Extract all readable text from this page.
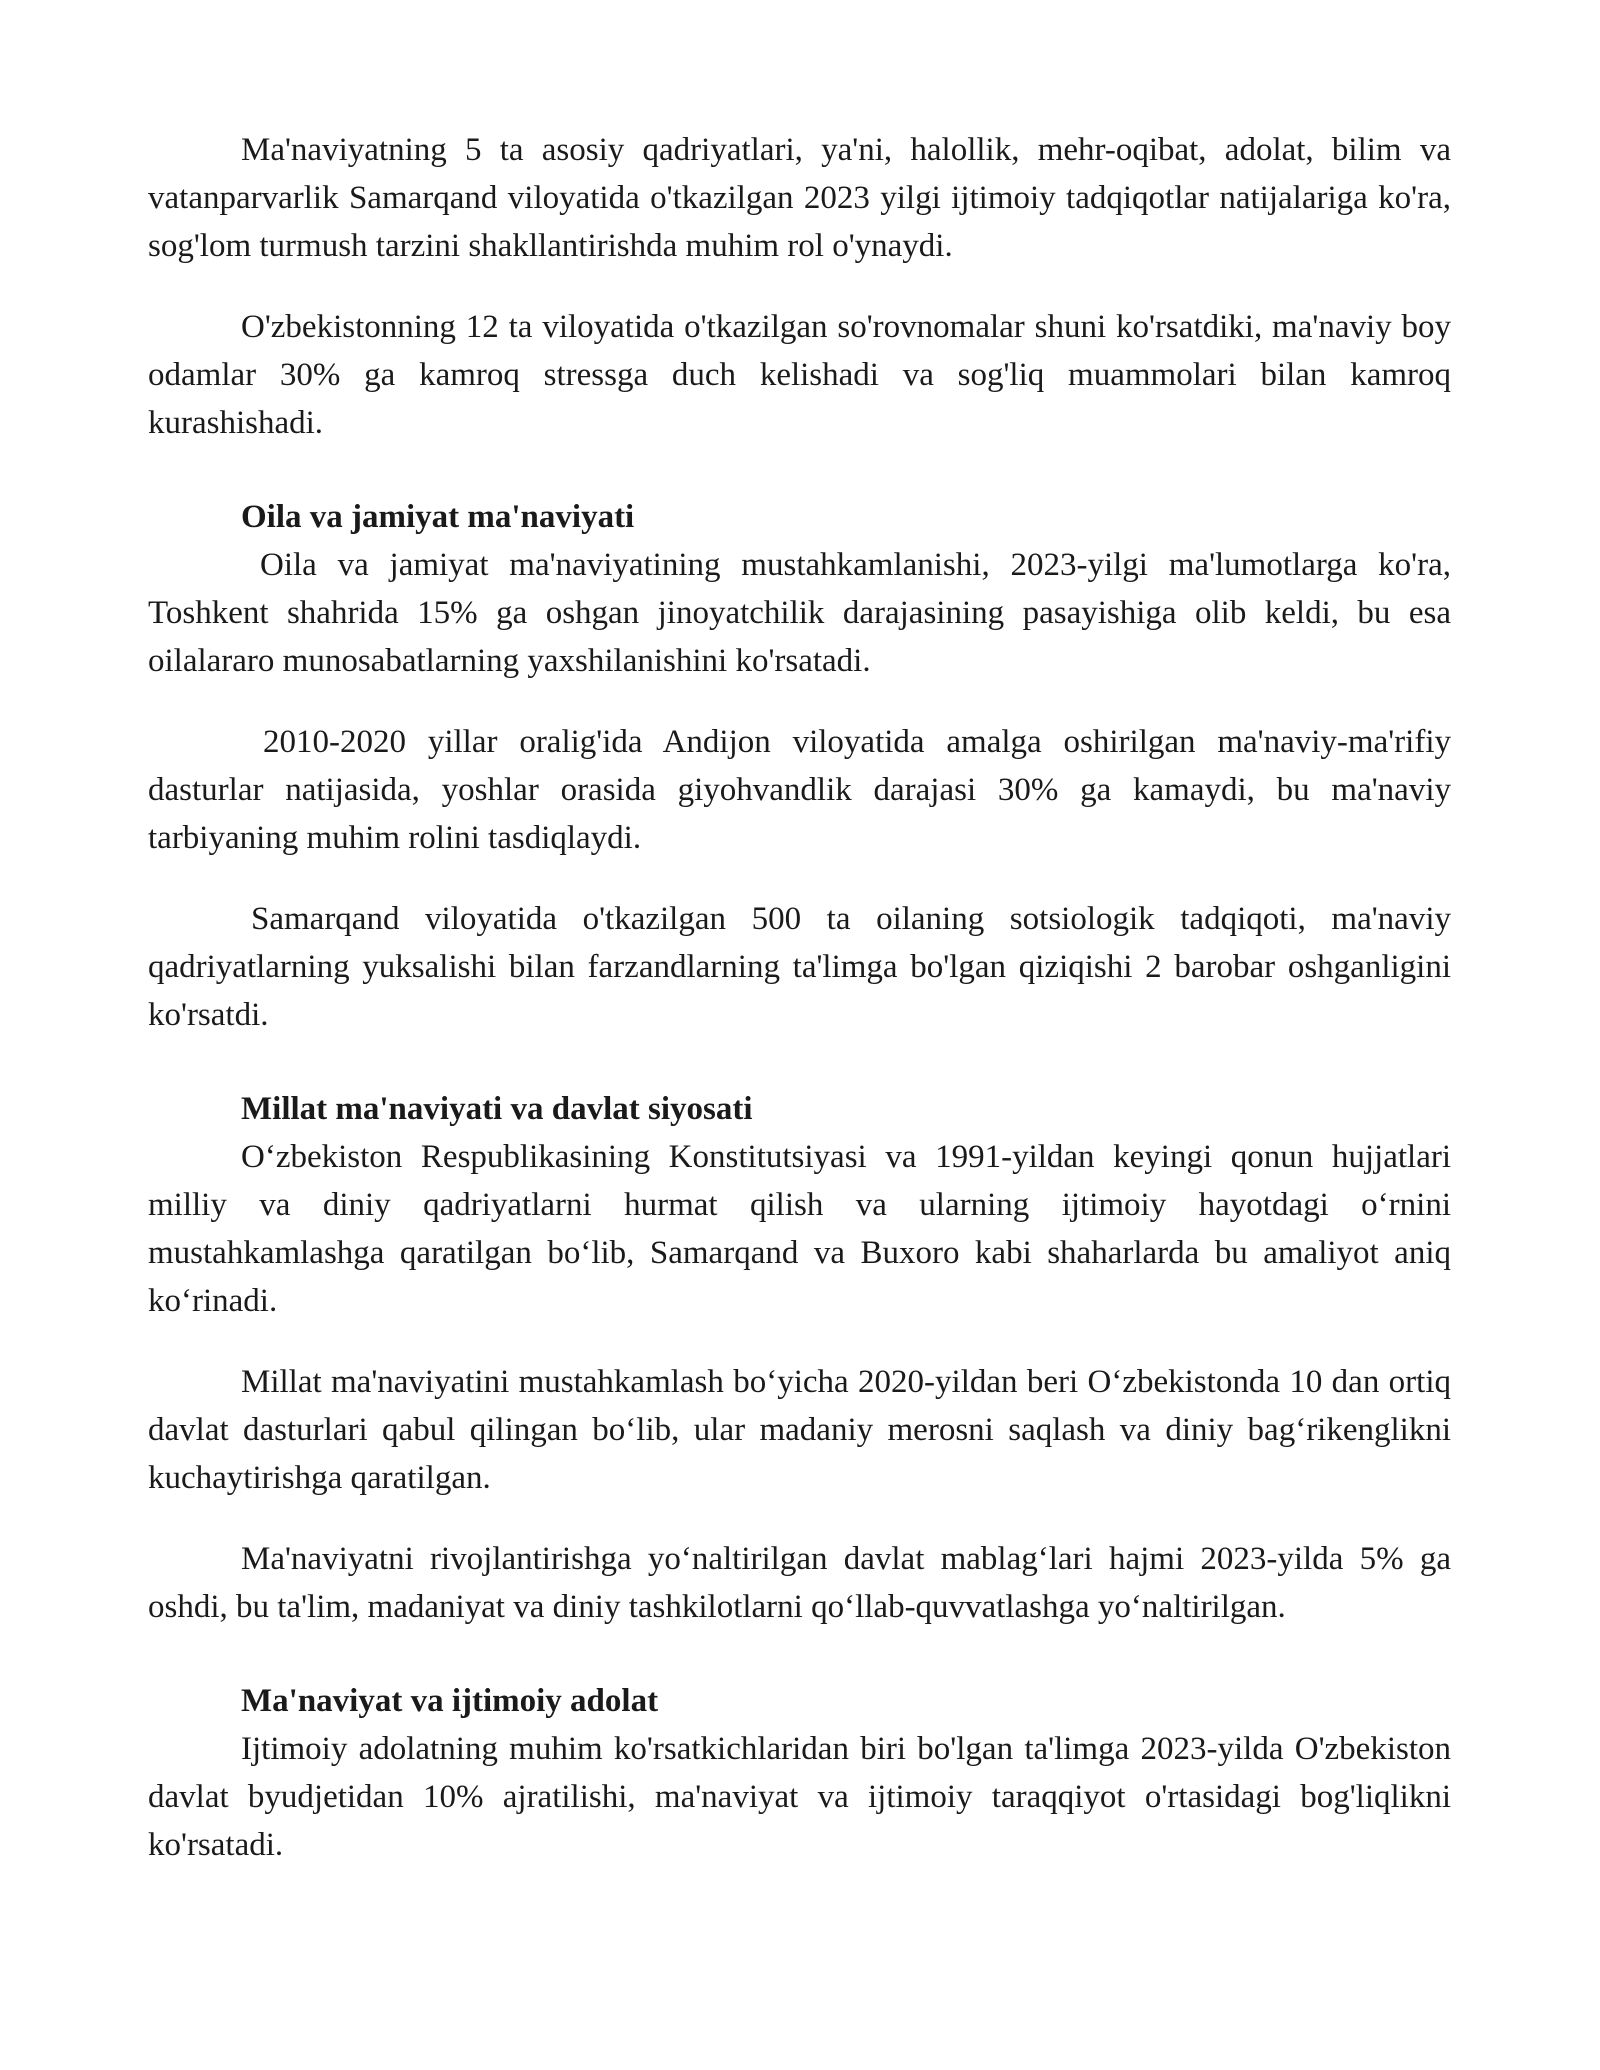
Ma'naviyatning 5 ta asosiy qadriyatlari, ya'ni, halollik, mehr-oqibat, adolat, bilim va vatanparvarlik Samarqand viloyatida o'tkazilgan 2023 yilgi ijtimoiy tadqiqotlar natijalariga ko'ra, sog'lom turmush tarzini shakllantirishda muhim rol o'ynaydi.

O'zbekistonning 12 ta viloyatida o'tkazilgan so'rovnomalar shuni ko'rsatdiki, ma'naviy boy odamlar 30% ga kamroq stressga duch kelishadi va sog'liq muammolari bilan kamroq kurashishadi.

Oila va jamiyat ma'naviyati

Oila va jamiyat ma'naviyatining mustahkamlanishi, 2023-yilgi ma'lumotlarga ko'ra, Toshkent shahrida 15% ga oshgan jinoyatchilik darajasining pasayishiga olib keldi, bu esa oilalararo munosabatlarning yaxshilanishini ko'rsatadi.

2010-2020 yillar oralig'ida Andijon viloyatida amalga oshirilgan ma'naviy-ma'rifiy dasturlar natijasida, yoshlar orasida giyohvandlik darajasi 30% ga kamaydi, bu ma'naviy tarbiyaning muhim rolini tasdiqlaydi.

Samarqand viloyatida o'tkazilgan 500 ta oilaning sotsiologik tadqiqoti, ma'naviy qadriyatlarning yuksalishi bilan farzandlarning ta'limga bo'lgan qiziqishi 2 barobar oshganligini ko'rsatdi.

Millat ma'naviyati va davlat siyosati

O‘zbekiston Respublikasining Konstitutsiyasi va 1991-yildan keyingi qonun hujjatlari milliy va diniy qadriyatlarni hurmat qilish va ularning ijtimoiy hayotdagi o‘rnini mustahkamlashga qaratilgan bo‘lib, Samarqand va Buxoro kabi shaharlarda bu amaliyot aniq ko‘rinadi.

Millat ma'naviyatini mustahkamlash bo‘yicha 2020-yildan beri O‘zbekistonda 10 dan ortiq davlat dasturlari qabul qilingan bo‘lib, ular madaniy merosni saqlash va diniy bag‘rikenglikni kuchaytirishga qaratilgan.

Ma'naviyatni rivojlantirishga yo‘naltirilgan davlat mablag‘lari hajmi 2023-yilda 5% ga oshdi, bu ta'lim, madaniyat va diniy tashkilotlarni qo‘llab-quvvatlashga yo‘naltirilgan.

Ma'naviyat va ijtimoiy adolat

Ijtimoiy adolatning muhim ko'rsatkichlaridan biri bo'lgan ta'limga 2023-yilda O'zbekiston davlat byudjetidan 10% ajratilishi, ma'naviyat va ijtimoiy taraqqiyot o'rtasidagi bog'liqlikni ko'rsatadi.
